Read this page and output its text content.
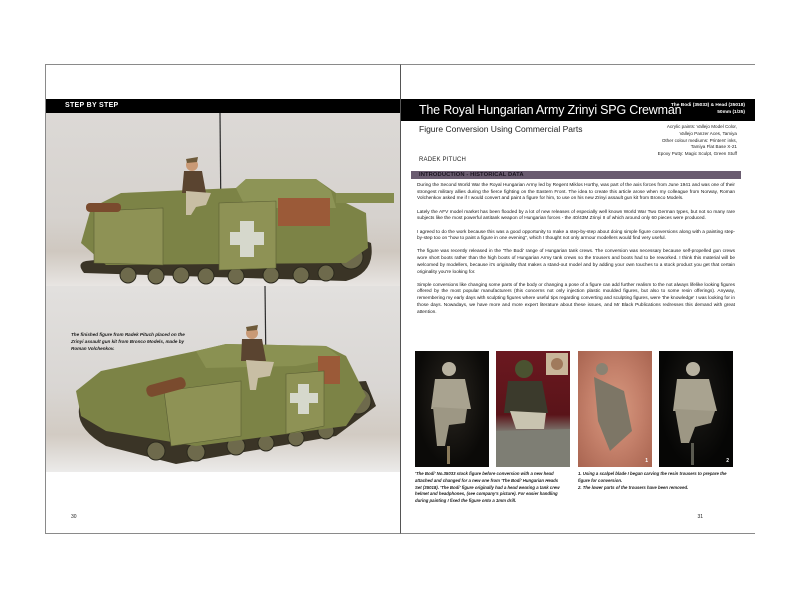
STEP BY STEP
The finished figure from Radek Pituch placed on the Zrinyi assault gun kit from Bronco Models, made by Roman Volchenkov.
30
The Royal Hungarian Army Zrinyi SPG Crewman
The Bodi (35033) & Head (35018)
50mm (1/35)
Figure Conversion Using Commercial Parts	Acrylic paints: Vallejo Model Color,
Vallejo Panzer Aces, Tamiya
Other colour mediums: Printers' inks,
Tamiya Flat Base X-21
Epoxy Putty: Magic Sculpt, Green Stuff
RADEK PITUCH
INTRODUCTION - HISTORICAL DATA

During the Second World War the Royal Hungarian Army led by Regent Miklos Horthy, was part of the axis forces from June 1941 and was one of their strongest military allies during the fierce fighting on the Eastern Front. The idea to create this article arose when my colleague from Norway, Roman Volchenkov asked me if I would convert and paint a figure for him, to use on his new Zrinyi assault gun kit from Bronco Models.

Lately the AFV model market has been flooded by a lot of new releases of especially well known World War Two German types, but not so many rare subjects like the most powerful antitank weapon of Hungarian forces - the 40/43M Zrinyi II of which around only 60 pieces were produced.

I agreed to do the work because this was a good opportunity to make a step-by-step about doing simple figure conversions along with a painting step-by-step too on "how to paint a figure in one evening", which I thought not only armour modellers would find very useful.

The figure was recently released in the 'The Bodi' range of Hungarian tank crews. The conversion was necessary because self-propelled gun crews wore short boots rather than the high boots of Hungarian Army tank crews so the trousers and boots had to be reworked. I think this material will be welcomed by modellers, because it's originality that makes a stand-out model and by adding your own touches to a stock product you get that certain originality you're looking for.

Simple conversions like changing some parts of the body or changing a pose of a figure can add further realism to the not always lifelike looking figures offered by the most popular manufacturers (this concerns not only injection plastic moulded figures, but also to some resin offerings). Anyway, remembering my early days with sculpting figures where useful tips regarding converting and sculpting figures, were 'the knowledge' I was looking for in those days. Nowadays, we have more and more expert literature about these issues, and Mr Black Publications redresses this demand with great attention.

1	2
'The Bodi' No.35033 stock figure before conversion with a new head attached and changed for a new one from 'The Bodi' Hungarian Heads Set (35018). 'The Bodi' figure originally had a head wearing a tank crew helmet and headphones, (see company's picture). For easier handling during painting I fixed the figure onto a 1mm drill.

1. Using a scalpel blade I began carving the resin trousers to prepare the figure for conversion.

2. The lower parts of the trousers have been removed.

31
